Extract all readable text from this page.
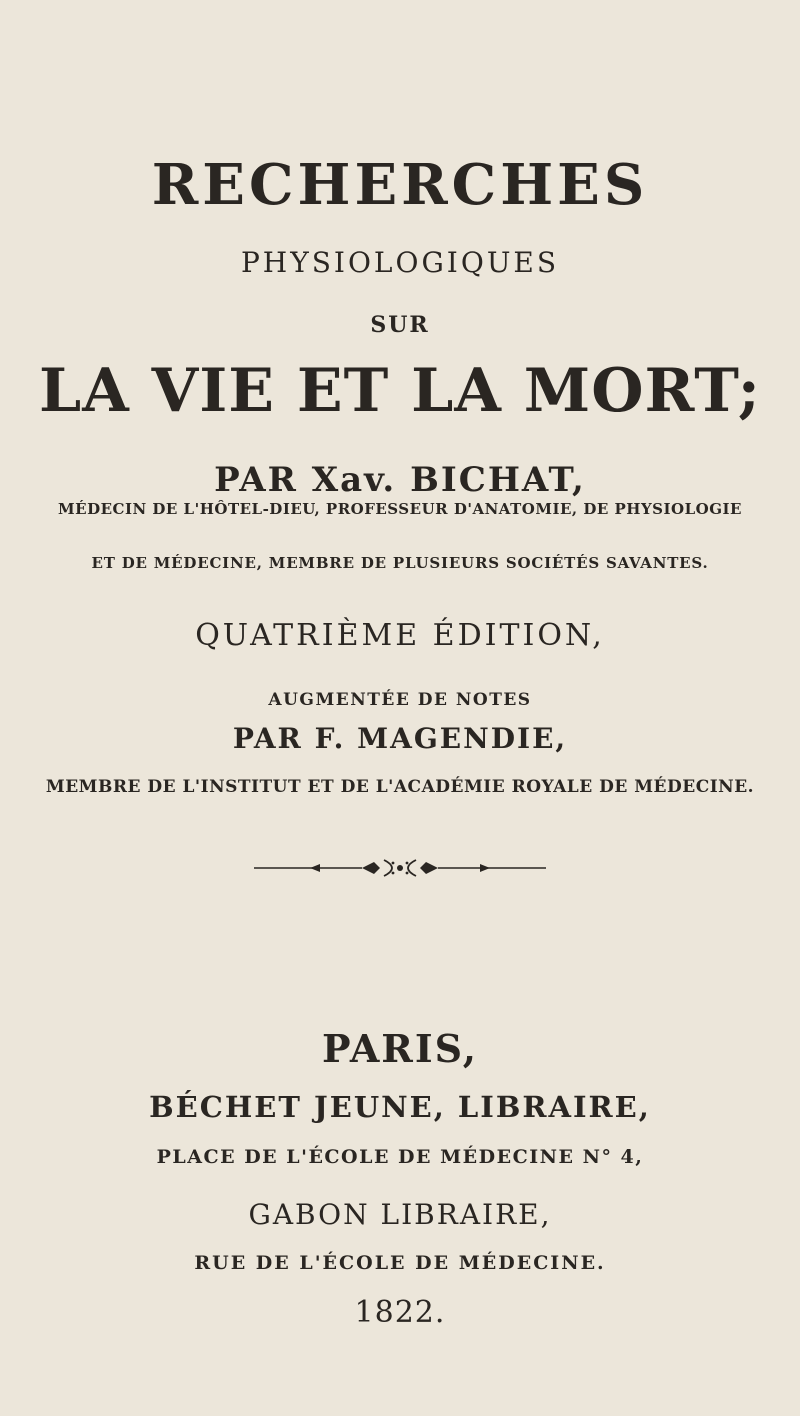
RECHERCHES
PHYSIOLOGIQUES
SUR
LA VIE ET LA MORT;
PAR Xav. BICHAT,
MÉDECIN DE L'HÔTEL-DIEU, PROFESSEUR D'ANATOMIE, DE PHYSIOLOGIE
ET DE MÉDECINE, MEMBRE DE PLUSIEURS SOCIÉTÉS SAVANTES.
QUATRIÈME ÉDITION,
AUGMENTÉE DE NOTES
PAR F. MAGENDIE,
MEMBRE DE L'INSTITUT ET DE L'ACADÉMIE ROYALE DE MÉDECINE.
PARIS,
BÉCHET JEUNE, LIBRAIRE,
PLACE DE L'ÉCOLE DE MÉDECINE N° 4,
GABON LIBRAIRE,
RUE DE L'ÉCOLE DE MÉDECINE.
1822.
